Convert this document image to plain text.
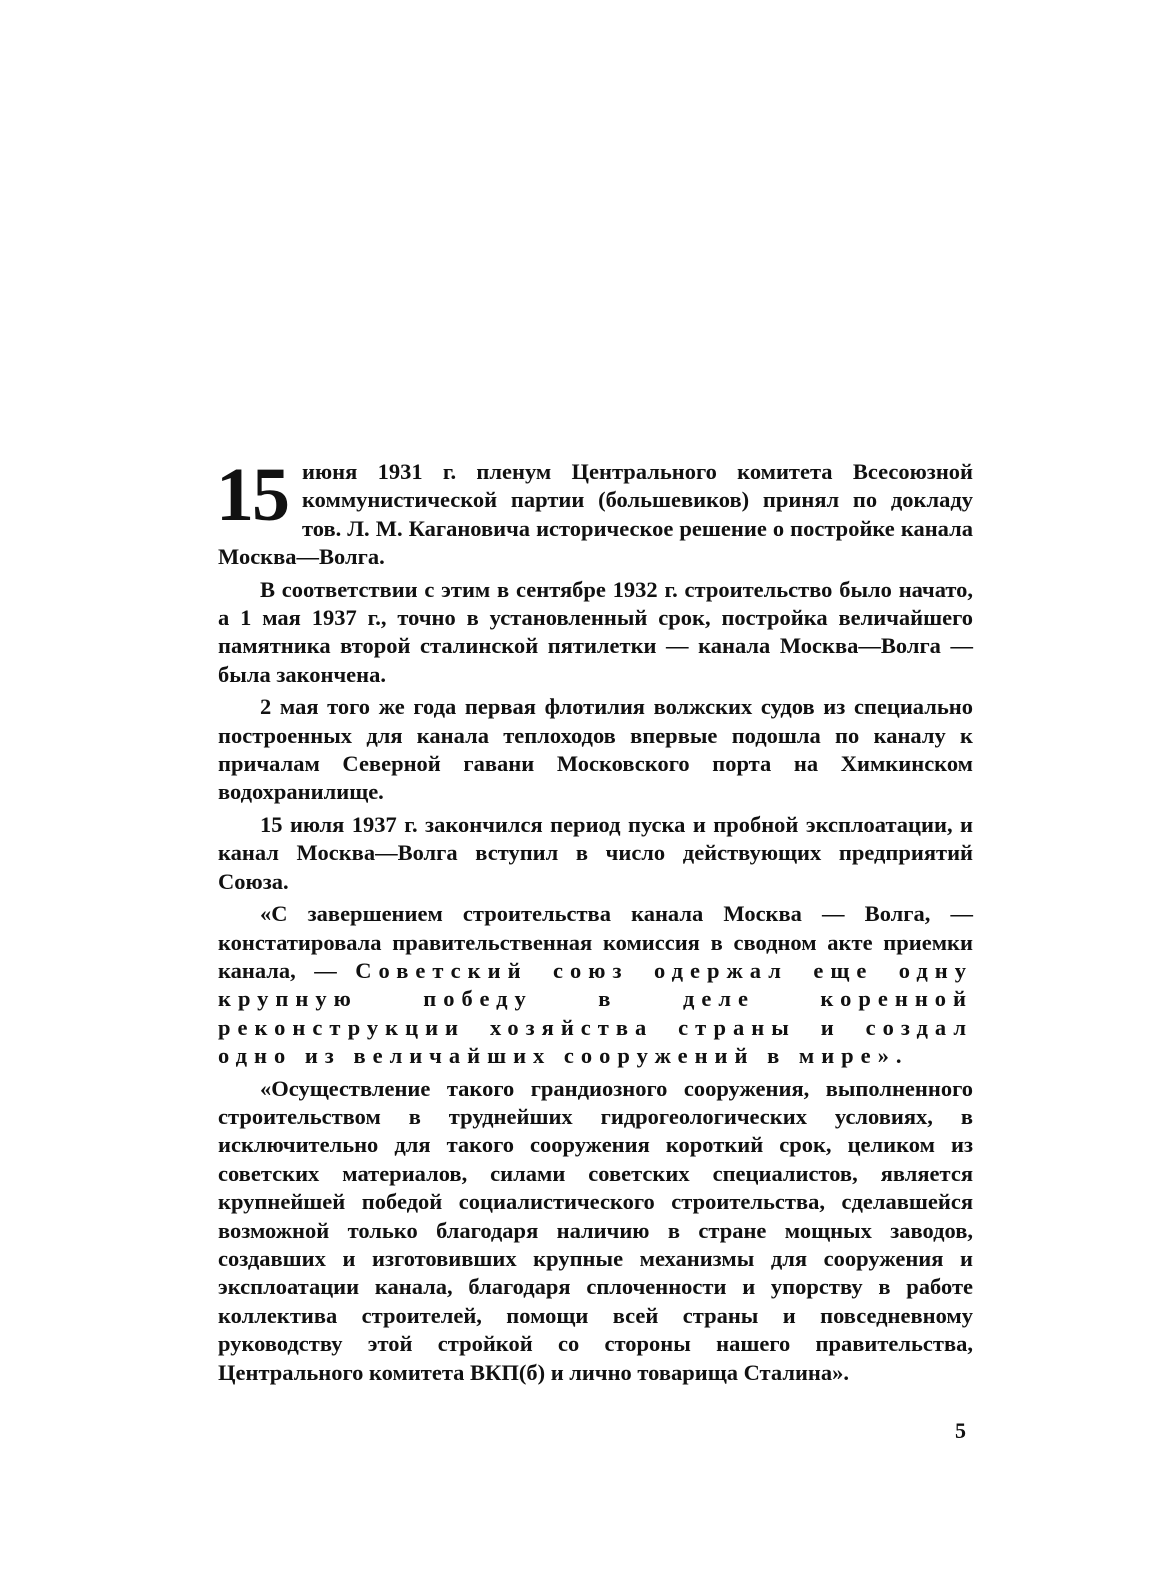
15 июня 1931 г. пленум Центрального комитета Всесоюзной коммунистической партии (большевиков) принял по докладу тов. Л. М. Кагановича историческое решение о постройке канала Москва—Волга.

В соответствии с этим в сентябре 1932 г. строительство было начато, а 1 мая 1937 г., точно в установленный срок, постройка величайшего памятника второй сталинской пятилетки — канала Москва—Волга — была закончена.

2 мая того же года первая флотилия волжских судов из специально построенных для канала теплоходов впервые подошла по каналу к причалам Северной гавани Московского порта на Химкинском водохранилище.

15 июля 1937 г. закончился период пуска и пробной эксплоатации, и канал Москва—Волга вступил в число действующих предприятий Союза.

«С завершением строительства канала Москва — Волга, — констатировала правительственная комиссия в сводном акте приемки канала, — Советский союз одержал еще одну крупную победу в деле коренной реконструкции хозяйства страны и создал одно из величайших сооружений в мире».

«Осуществление такого грандиозного сооружения, выполненного строительством в труднейших гидрогеологических условиях, в исключительно для такого сооружения короткий срок, целиком из советских материалов, силами советских специалистов, является крупнейшей победой социалистического строительства, сделавшейся возможной только благодаря наличию в стране мощных заводов, создавших и изготовивших крупные механизмы для сооружения и эксплоатации канала, благодаря сплоченности и упорству в работе коллектива строителей, помощи всей страны и повседневному руководству этой стройкой со стороны нашего правительства, Центрального комитета ВКП(б) и лично товарища Сталина».

5
